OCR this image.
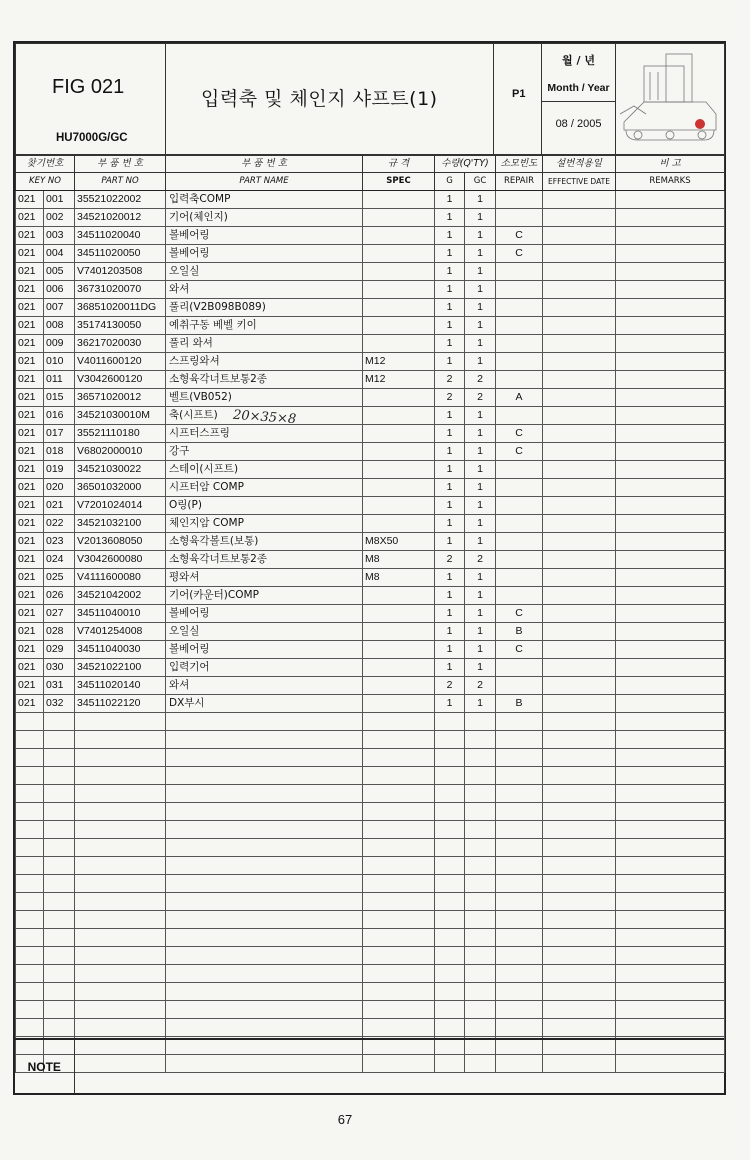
FIG 021
HU7000G/GC

입력축 및 체인지 샤프트(1)	P1

월 / 년
Month / Year
08 / 2005

찾기번호		부 품 번 호	부 품 번 호	규 격	수량(Q'TY)		소모빈도	설번적용일	비 고
KEY NO		PART NO	PART NAME	SPEC	G	GC	REPAIR	EFFECTIVE DATE	REMARKS
021	001	35521022002	입력축COMP		1	1			
021	002	34521020012	기어(체인지)		1	1			
021	003	34511020040	볼베어링		1	1	C		
021	004	34511020050	볼베어링		1	1	C		
021	005	V7401203508	오일실		1	1			
021	006	36731020070	와셔		1	1			
021	007	36851020011DG	풀리(V2B098B089)		1	1			
021	008	35174130050	예취구동 베벨 키이		1	1			
021	009	36217020030	풀리 와셔		1	1			
021	010	V4011600120	스프링와셔	M12	1	1			
021	011	V3042600120	소형육각너트보통2종	M12	2	2			
021	015	36571020012	벨트(VB052)		2	2	A		
021	016	34521030010M	축(시프트)		1	1			
021	017	35521110180	시프터스프링		1	1	C		
021	018	V6802000010	강구		1	1	C		
021	019	34521030022	스테이(시프트)		1	1			
021	020	36501032000	시프터암 COMP		1	1			
021	021	V7201024014	O링(P)		1	1			
021	022	34521032100	체인지암 COMP		1	1			
021	023	V2013608050	소형육각볼트(보통)	M8X50	1	1			
021	024	V3042600080	소형육각너트보통2종	M8	2	2			
021	025	V4111600080	평와셔	M8	1	1			
021	026	34521042002	기어(카운터)COMP		1	1			
021	027	34511040010	볼베어링		1	1	C		
021	028	V7401254008	오일실		1	1	B		
021	029	34511040030	볼베어링		1	1	C		
021	030	34521022100	입력기어		1	1			
021	031	34511020140	와셔		2	2			
021	032	34511022120	DX부시		1	1	B		

20×35×8
NOTE	
67
